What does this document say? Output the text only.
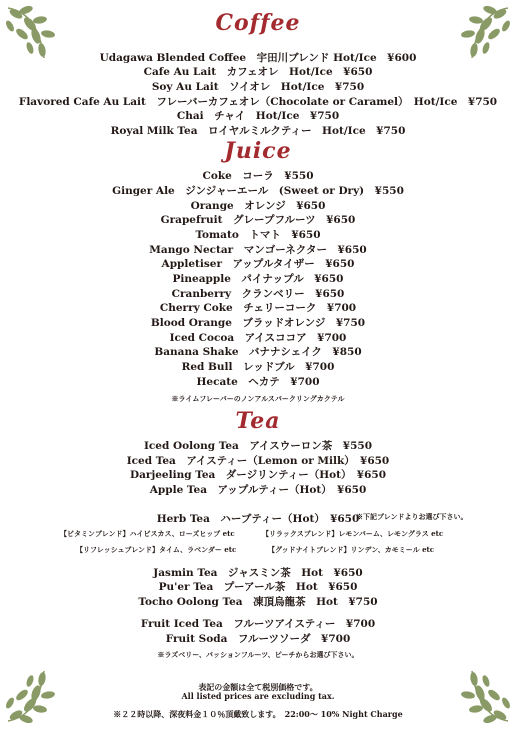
Coffee
Udagawa Blended Coffee　宇田川ブレンド Hot/Ice　¥600
Cafe Au Lait　カフェオレ　Hot/Ice　¥650
Soy Au Lait　ソイオレ　Hot/Ice　¥750
Flavored Cafe Au Lait　フレーバーカフェオレ（Chocolate or Caramel）　Hot/Ice　¥750
Chai　チャイ　Hot/Ice　¥750
Royal Milk Tea　ロイヤルミルクティー　Hot/Ice　¥750
Juice
Coke　コーラ　¥550
Ginger Ale　ジンジャーエール　(Sweet or Dry)　¥550
Orange　オレンジ　¥650
Grapefruit　グレープフルーツ　¥650
Tomato　トマト　¥650
Mango Nectar　マンゴーネクター　¥650
Appletiser　アップルタイザー　¥650
Pineapple　パイナップル　¥650
Cranberry　クランベリー　¥650
Cherry Coke　チェリーコーク　¥700
Blood Orange　ブラッドオレンジ　¥750
Iced Cocoa　アイスココア　¥700
Banana Shake　バナナシェイク　¥850
Red Bull　レッドブル　¥700
Hecate　ヘカテ　¥700
※ライムフレーバーのノンアルスパークリングカクテル
Tea
Iced Oolong Tea　アイスウーロン茶　¥550
Iced Tea　アイスティー（Lemon or Milk）　¥650
Darjeeling Tea　ダージリンティー（Hot）　¥650
Apple Tea　アップルティー（Hot）　¥650
Herb Tea　ハーブティー（Hot）　¥650
※下記ブレンドよりお選び下さい。
【ビタミンブレンド】ハイビスカス、ローズヒップ etc	【リラックスブレンド】レモンバーム、レモングラス etc
【リフレッシュブレンド】タイム、ラベンダー etc	【グッドナイトブレンド】リンデン、カモミール etc
Jasmin Tea　ジャスミン茶　Hot　¥650
Pu'er Tea　プーアール茶　Hot　¥650
Tocho Oolong Tea　凍頂烏龍茶　Hot　¥750
Fruit Iced Tea　フルーツアイスティー　¥700
Fruit Soda　フルーツソーダ　¥700
※ラズベリー、パッションフルーツ、ピーチからお選び下さい。
表記の金額は全て税別価格です。
All listed prices are excluding tax.
※２２時以降、深夜料金１０％頂戴致します。　22:00～ 10% Night Charge
